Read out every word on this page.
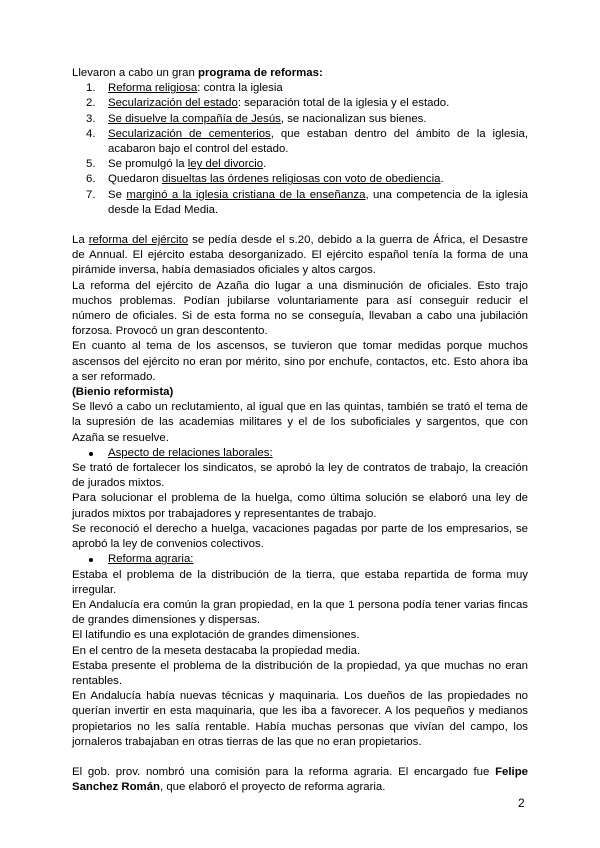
Llevaron a cabo un gran programa de reformas:

1. Reforma religiosa: contra la iglesia
2. Secularización del estado: separación total de la iglesia y el estado.
3. Se disuelve la compañía de Jesús, se nacionalizan sus bienes.
4. Secularización de cementerios, que estaban dentro del ámbito de la iglesia, acabaron bajo el control del estado.
5. Se promulgó la ley del divorcio.
6. Quedaron disueltas las órdenes religiosas con voto de obediencia.
7. Se marginó a la iglesia cristiana de la enseñanza, una competencia de la iglesia desde la Edad Media.

La reforma del ejército se pedía desde el s.20, debido a la guerra de África, el Desastre de Annual. El ejército estaba desorganizado. El ejército español tenía la forma de una pirámide inversa, había demasiados oficiales y altos cargos.

La reforma del ejército de Azaña dio lugar a una disminución de oficiales. Esto trajo muchos problemas. Podían jubilarse voluntariamente para así conseguir reducir el número de oficiales. Si de esta forma no se conseguía, llevaban a cabo una jubilación forzosa. Provocó un gran descontento.

En cuanto al tema de los ascensos, se tuvieron que tomar medidas porque muchos ascensos del ejército no eran por mérito, sino por enchufe, contactos, etc. Esto ahora iba a ser reformado.

(Bienio reformista)

Se llevó a cabo un reclutamiento, al igual que en las quintas, también se trató el tema de la supresión de las academias militares y el de los suboficiales y sargentos, que con Azaña se resuelve.

Aspecto de relaciones laborales:

Se trató de fortalecer los sindicatos, se aprobó la ley de contratos de trabajo, la creación de jurados mixtos.

Para solucionar el problema de la huelga, como última solución se elaboró una ley de jurados mixtos por trabajadores y representantes de trabajo.

Se reconoció el derecho a huelga, vacaciones pagadas por parte de los empresarios, se aprobó la ley de convenios colectivos.

Reforma agraria:

Estaba el problema de la distribución de la tierra, que estaba repartida de forma muy irregular.

En Andalucía era común la gran propiedad, en la que 1 persona podía tener varias fincas de grandes dimensiones y dispersas.

El latifundio es una explotación de grandes dimensiones.

En el centro de la meseta destacaba la propiedad media.

Estaba presente el problema de la distribución de la propiedad, ya que muchas no eran rentables.

En Andalucía había nuevas técnicas y maquinaria. Los dueños de las propiedades no querían invertir en esta maquinaria, que les iba a favorecer. A los pequeños y medianos propietarios no les salía rentable. Había muchas personas que vivían del campo, los jornaleros trabajaban en otras tierras de las que no eran propietarios.

El gob. prov. nombró una comisión para la reforma agraria. El encargado fue Felipe Sanchez Román, que elaboró el proyecto de reforma agraria.

2
